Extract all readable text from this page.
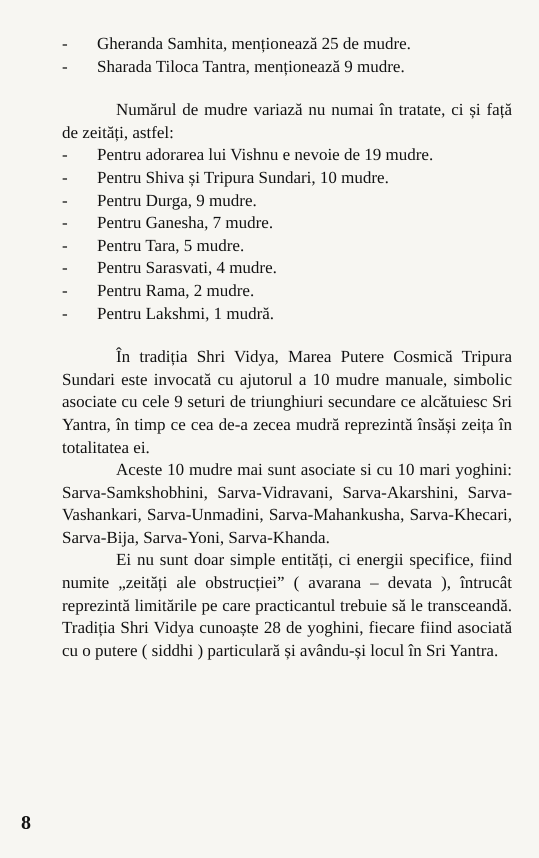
-	Gheranda Samhita, menționează 25 de mudre.
-	Sharada Tiloca Tantra, menționează 9 mudre.

Numărul de mudre variază nu numai în tratate, ci și față de zeități, astfel:

-	Pentru adorarea lui Vishnu e nevoie de 19 mudre.
-	Pentru Shiva și Tripura Sundari, 10 mudre.
-	Pentru Durga, 9 mudre.
-	Pentru Ganesha, 7 mudre.
-	Pentru Tara, 5 mudre.
-	Pentru Sarasvati, 4 mudre.
-	Pentru Rama, 2 mudre.
-	Pentru Lakshmi, 1 mudră.

În tradiția Shri Vidya, Marea Putere Cosmică Tripura Sundari este invocată cu ajutorul a 10 mudre manuale, simbolic asociate cu cele 9 seturi de triunghiuri secundare ce alcătuiesc Sri Yantra, în timp ce cea de-a zecea mudră reprezintă însăși zeița în totalitatea ei.

Aceste 10 mudre mai sunt asociate si cu 10 mari yoghini: Sarva-Samkshobhini, Sarva-Vidravani, Sarva-Akarshini, Sarva-Vashankari, Sarva-Unmadini, Sarva-Mahankusha, Sarva-Khecari, Sarva-Bija, Sarva-Yoni, Sarva-Khanda.

Ei nu sunt doar simple entități, ci energii specifice, fiind numite „zeități ale obstrucției” ( avarana – devata ), întrucât reprezintă limitările pe care practicantul trebuie să le transceandă. Tradiția Shri Vidya cunoaște 28 de yoghini, fiecare fiind asociată cu o putere ( siddhi ) particulară și avându-și locul în Sri Yantra.

8
